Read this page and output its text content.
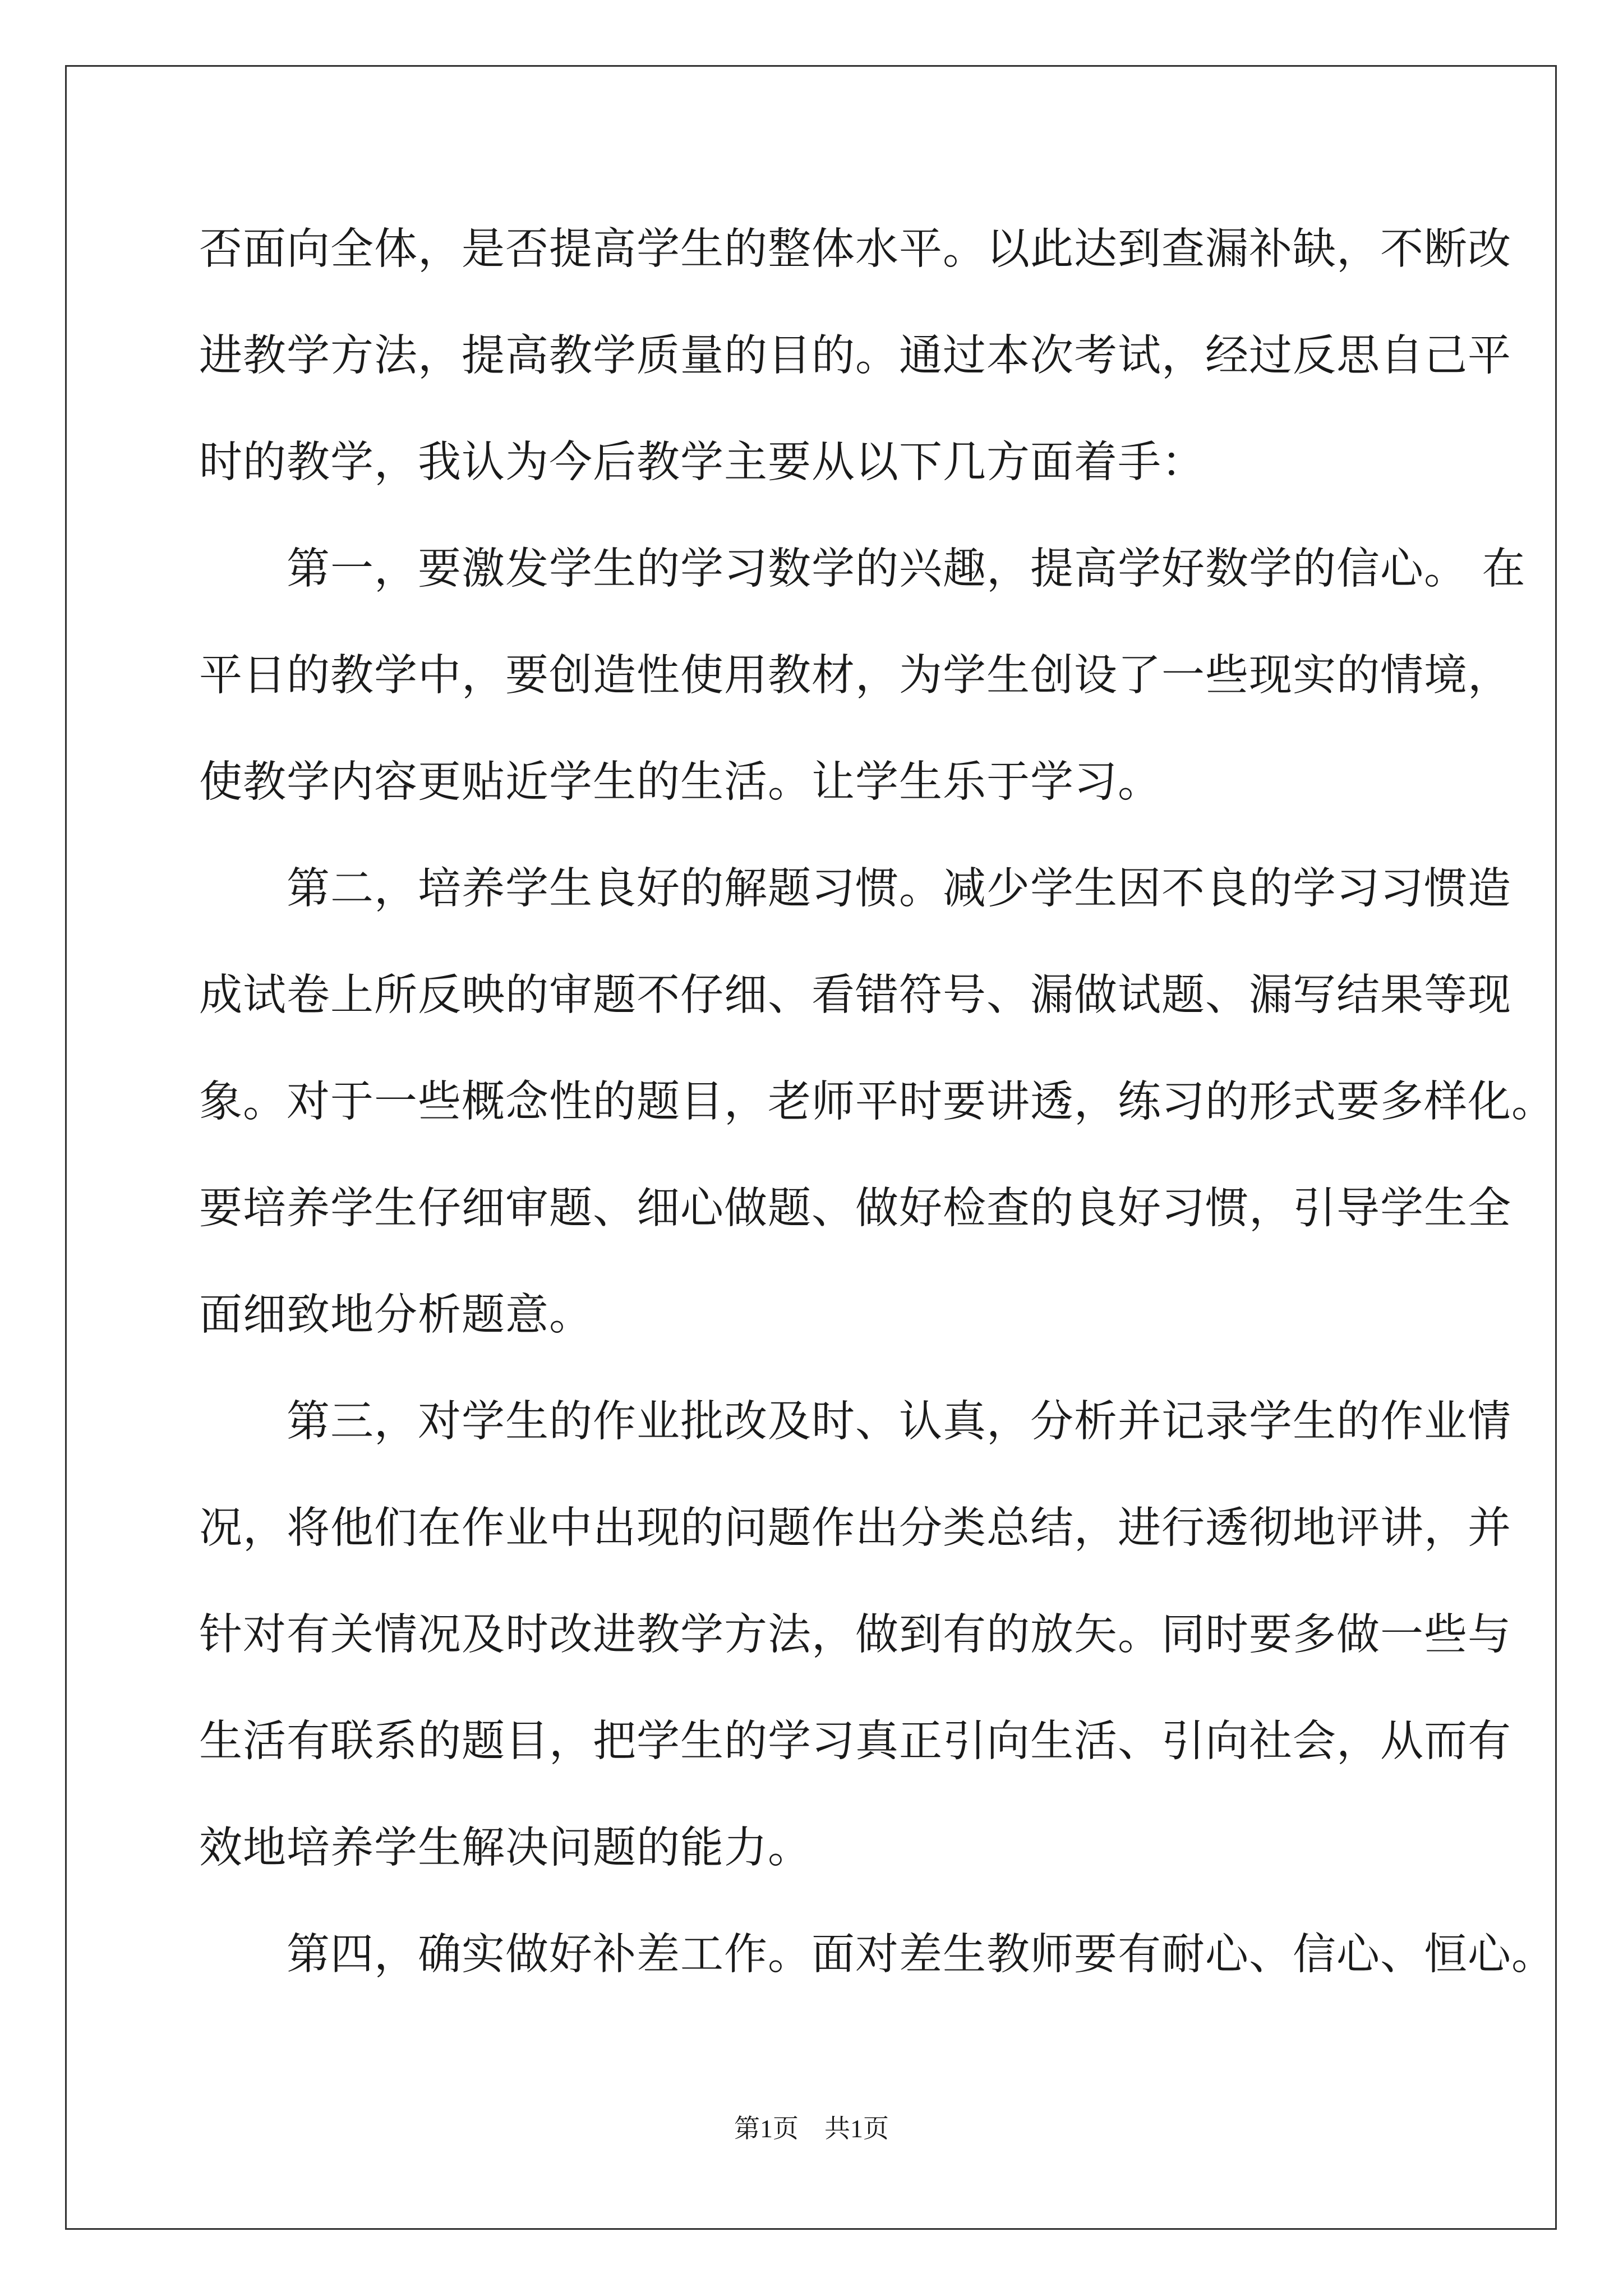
否面向全体，是否提高学生的整体水平。以此达到查漏补缺，不断改
进教学方法，提高教学质量的目的。通过本次考试，经过反思自己平
时的教学，我认为今后教学主要从以下几方面着手：
　　第一，要激发学生的学习数学的兴趣，提高学好数学的信心。 在
平日的教学中，要创造性使用教材，为学生创设了一些现实的情境，
使教学内容更贴近学生的生活。让学生乐于学习。
　　第二，培养学生良好的解题习惯。减少学生因不良的学习习惯造
成试卷上所反映的审题不仔细、看错符号、漏做试题、漏写结果等现
象。对于一些概念性的题目，老师平时要讲透，练习的形式要多样化。
要培养学生仔细审题、细心做题、做好检查的良好习惯，引导学生全
面细致地分析题意。
　　第三，对学生的作业批改及时、认真，分析并记录学生的作业情
况，将他们在作业中出现的问题作出分类总结，进行透彻地评讲，并
针对有关情况及时改进教学方法，做到有的放矢。同时要多做一些与
生活有联系的题目，把学生的学习真正引向生活、引向社会，从而有
效地培养学生解决问题的能力。
　　第四，确实做好补差工作。面对差生教师要有耐心、信心、恒心。
第1页　共1页
